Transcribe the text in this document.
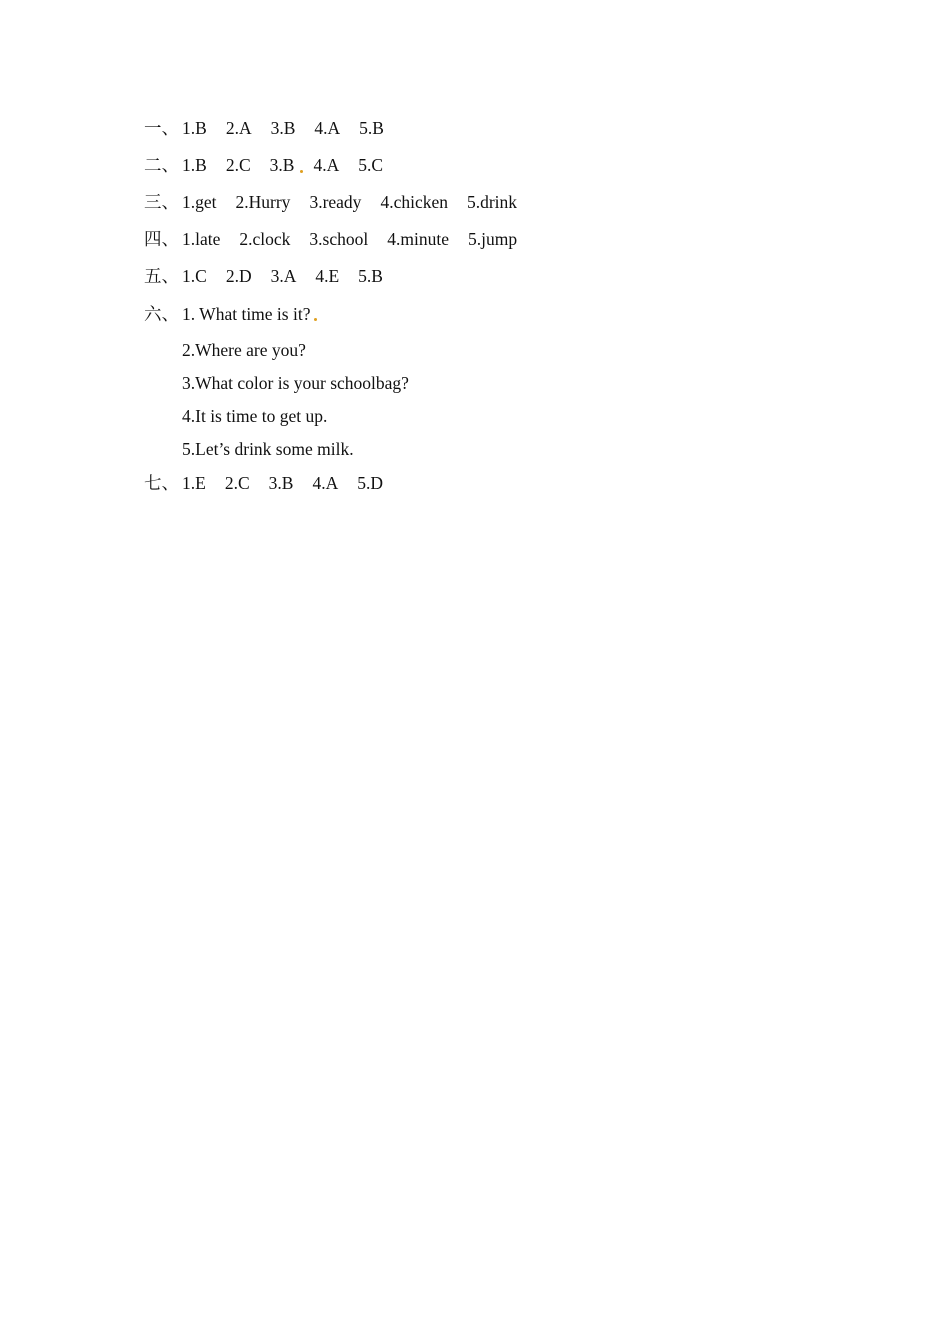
一、 1.B 2.A 3.B 4.A 5.B
二、 1.B 2.C 3.B 4.A 5.C
三、 1.get 2.Hurry 3.ready 4.chicken 5.drink
四、 1.late 2.clock 3.school 4.minute 5.jump
五、 1.C 2.D 3.A 4.E 5.B
六、 1. What time is it?
2.Where are you?
3.What color is your schoolbag?
4.It is time to get up.
5.Let’s drink some milk.
七、 1.E 2.C 3.B 4.A 5.D
